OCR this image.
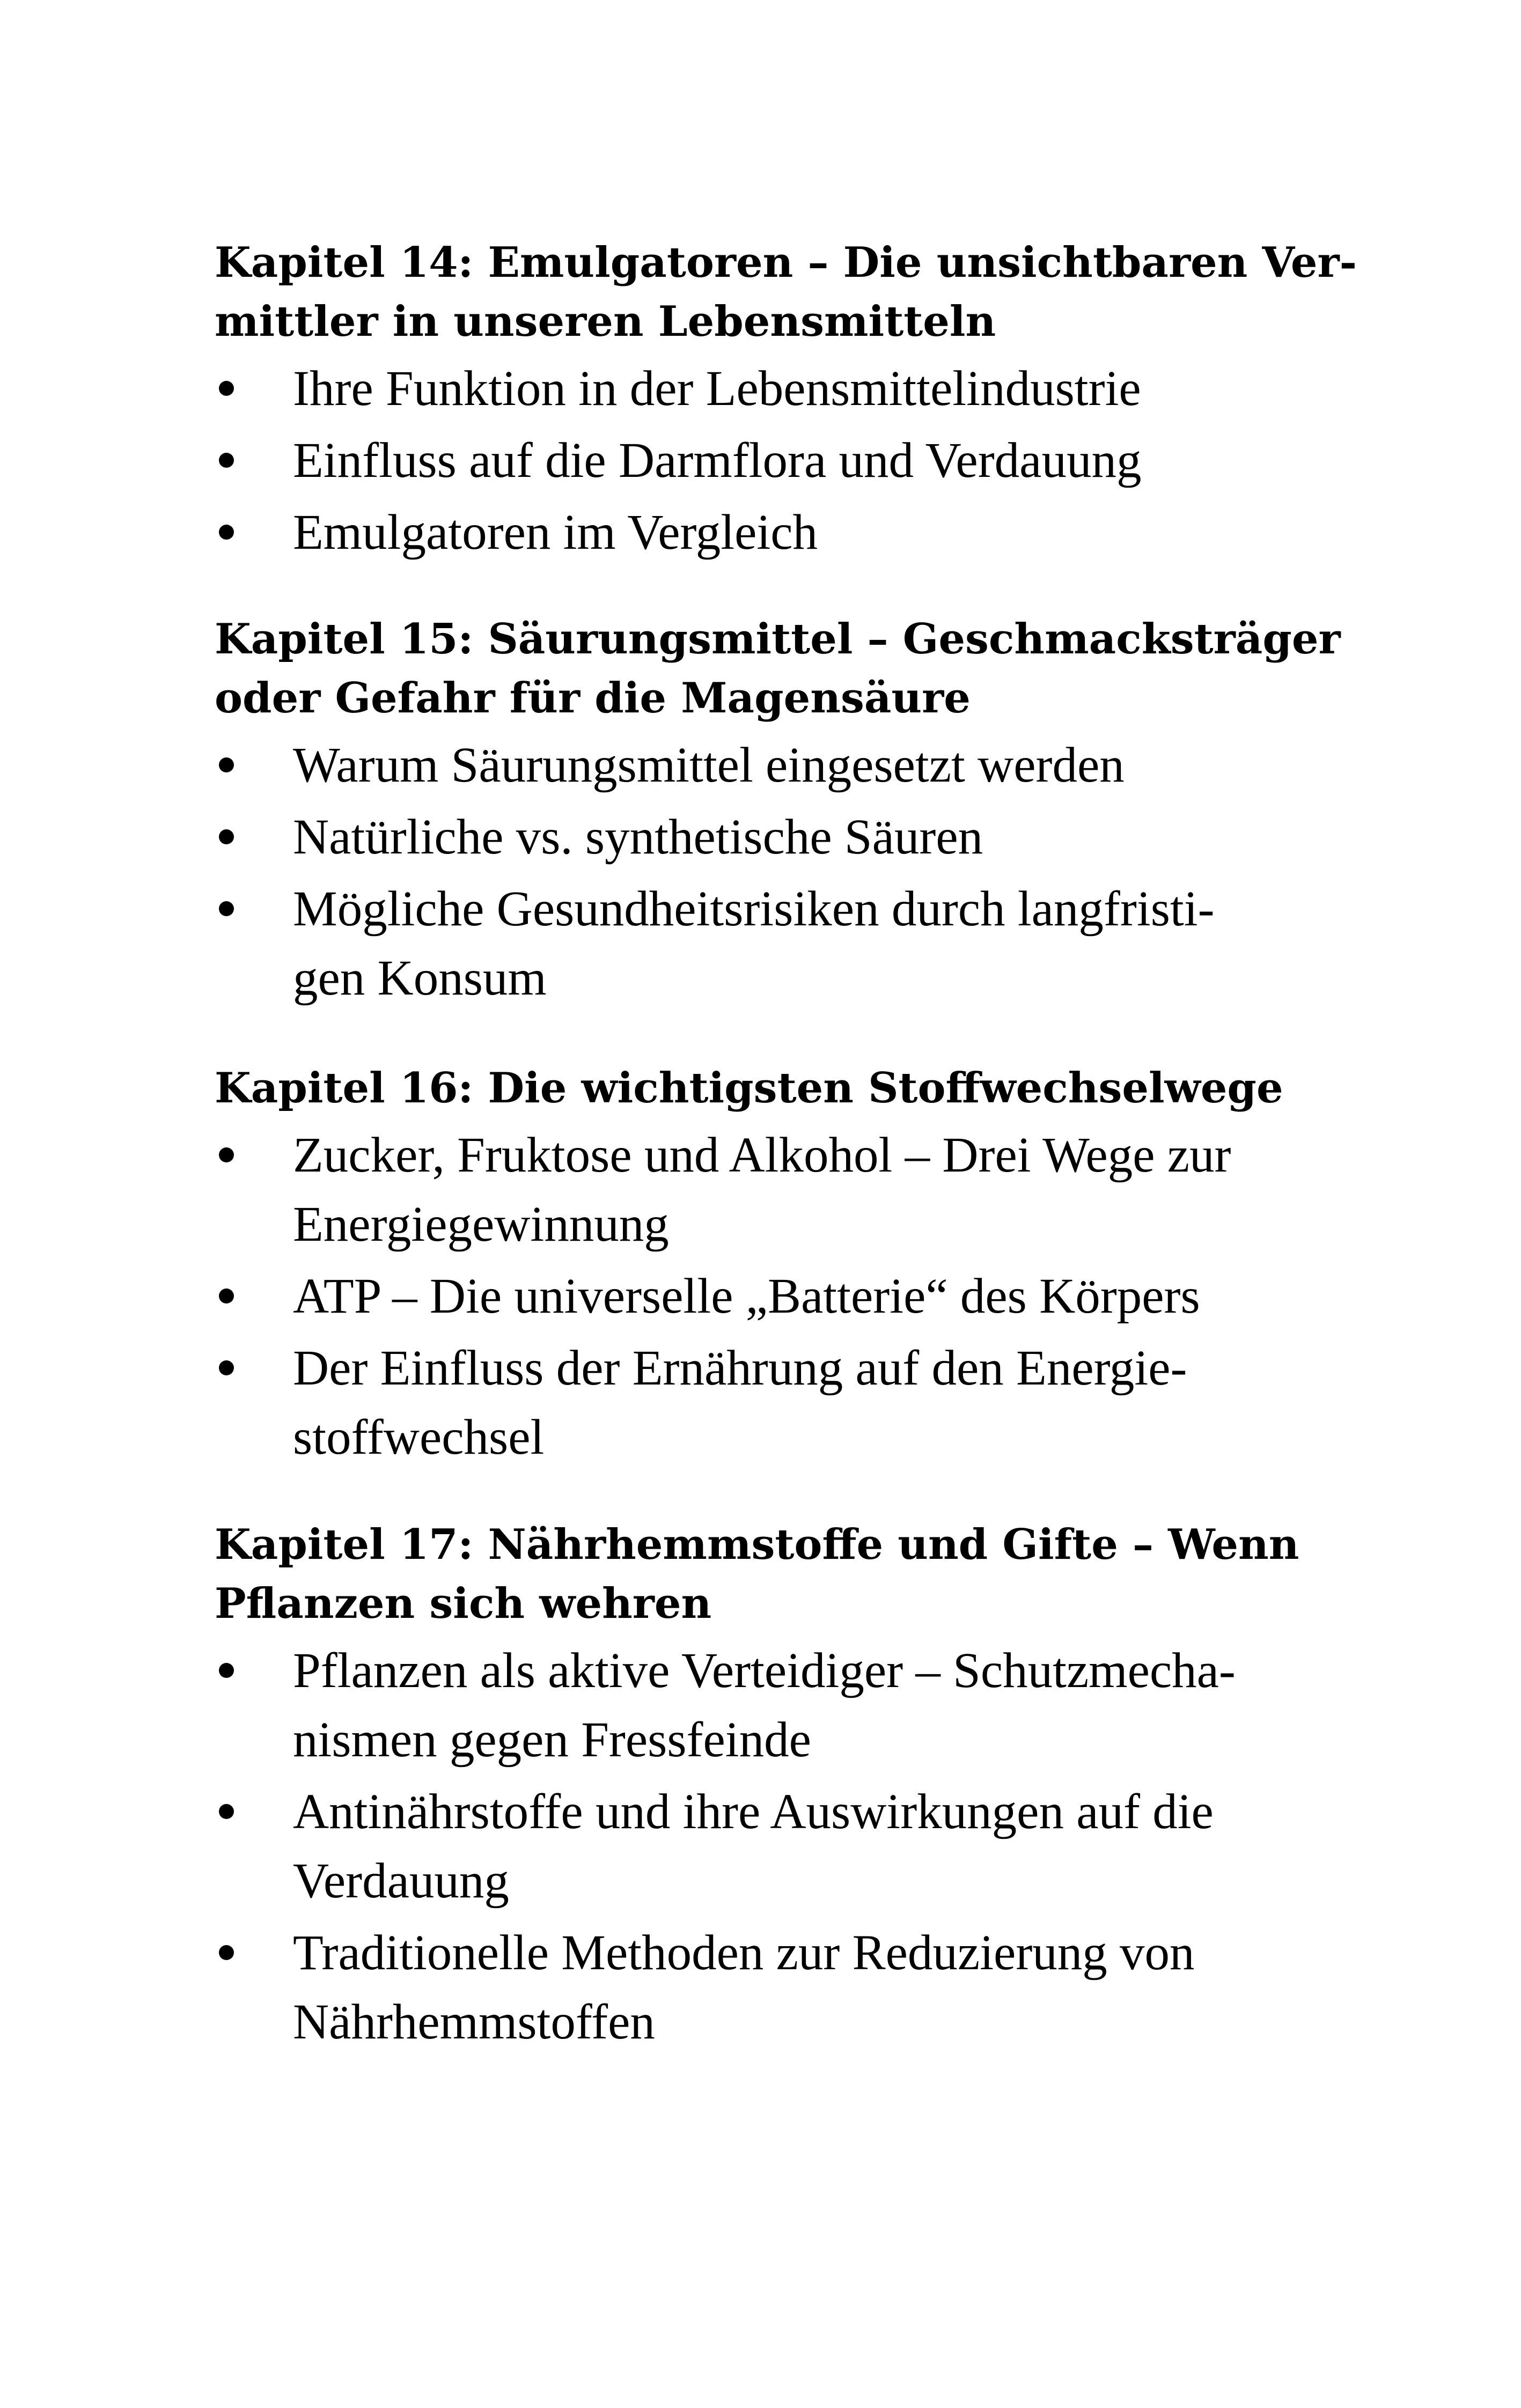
Kapitel 14: Emulgatoren – Die unsichtbaren Ver-
mittler in unseren Lebensmitteln
Ihre Funktion in der Lebensmittelindustrie
Einfluss auf die Darmflora und Verdauung
Emulgatoren im Vergleich
Kapitel 15: Säurungsmittel – Geschmacksträger
oder Gefahr für die Magensäure
Warum Säurungsmittel eingesetzt werden
Natürliche vs. synthetische Säuren
Mögliche Gesundheitsrisiken durch langfristi-
gen Konsum
Kapitel 16: Die wichtigsten Stoffwechselwege
Zucker, Fruktose und Alkohol – Drei Wege zur
Energiegewinnung
ATP – Die universelle „Batterie“ des Körpers
Der Einfluss der Ernährung auf den Energie-
stoffwechsel
Kapitel 17: Nährhemmstoffe und Gifte – Wenn
Pflanzen sich wehren
Pflanzen als aktive Verteidiger – Schutzmecha-
nismen gegen Fressfeinde
Antinährstoffe und ihre Auswirkungen auf die
Verdauung
Traditionelle Methoden zur Reduzierung von
Nährhemmstoffen
